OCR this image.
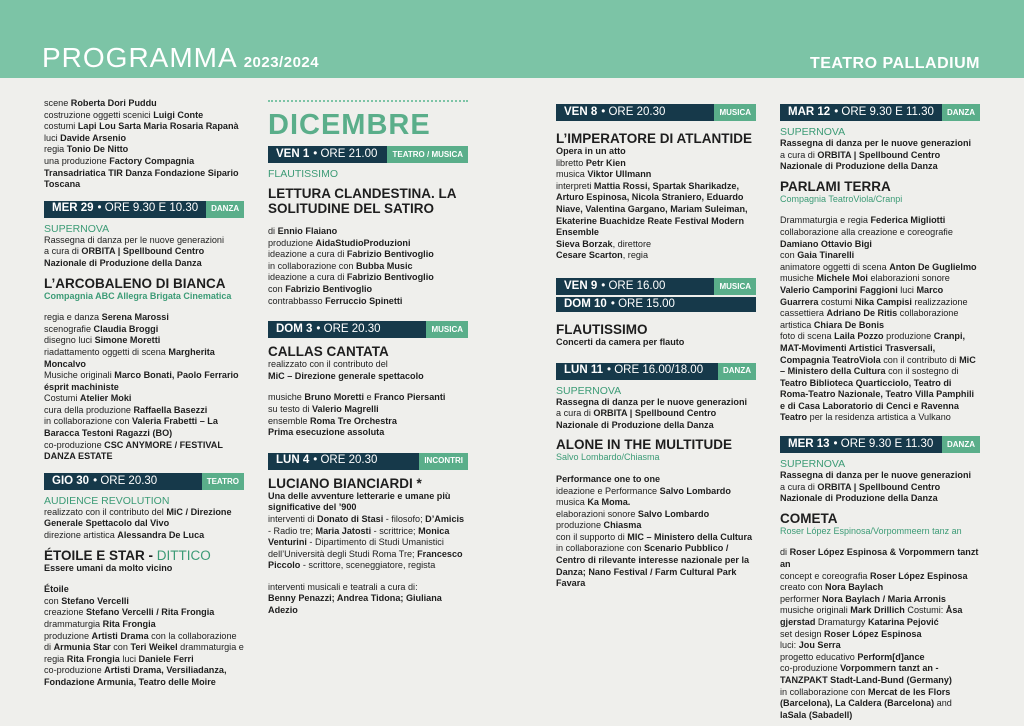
PROGRAMMA 2023/2024	TEATRO PALLADIUM
scene Roberta Dori Puddu
costruzione oggetti scenici Luigi Conte
costumi Lapi Lou Sarta Maria Rosaria Rapanà
luci Davide Arsenio
regia Tonio De Nitto
una produzione Factory Compagnia Transadriatica TIR Danza Fondazione Sipario Toscana
MER 29 • ORE 9.30 E 10.30	DANZA
SUPERNOVA
Rassegna di danza per le nuove generazioni
a cura di ORBITA | Spellbound Centro Nazionale di Produzione della Danza
L’ARCOBALENO DI BIANCA
Compagnia ABC Allegra Brigata Cinematica
regia e danza Serena Marossi
scenografie Claudia Broggi
disegno luci Simone Moretti
riadattamento oggetti di scena Margherita Moncalvo
Musiche originali Marco Bonati, Paolo Ferrario ésprit machiniste
Costumi Atelier Moki
cura della produzione Raffaella Basezzi
in collaborazione con Valeria Frabetti – La Baracca Testoni Ragazzi (BO)
co-produzione CSC ANYMORE / FESTIVAL DANZA ESTATE
GIO 30 • ORE 20.30	TEATRO
AUDIENCE REVOLUTION
realizzato con il contributo del MiC / Direzione Generale Spettacolo dal Vivo
direzione artistica Alessandra De Luca
ÉTOILE E STAR - DITTICO
Essere umani da molto vicino
Étoile
con Stefano Vercelli
creazione Stefano Vercelli / Rita Frongia
drammaturgia Rita Frongia
produzione Artisti Drama con la collaborazione di Armunia Star con Teri Weikel drammaturgia e regia Rita Frongia luci Daniele Ferri
co-produzione Artisti Drama, Versiliadanza, Fondazione Armunia, Teatro delle Moire
DICEMBRE
VEN 1 • ORE 21.00	TEATRO / MUSICA
FLAUTISSIMO
LETTURA CLANDESTINA. LA SOLITUDINE DEL SATIRO
di Ennio Flaiano
produzione AidaStudioProduzioni
ideazione a cura di Fabrizio Bentivoglio
in collaborazione con Bubba Music
ideazione a cura di Fabrizio Bentivoglio
con Fabrizio Bentivoglio
contrabbasso Ferruccio Spinetti
DOM 3 • ORE 20.30	MUSICA
CALLAS CANTATA
realizzato con il contributo del
MiC – Direzione generale spettacolo
musiche Bruno Moretti e Franco Piersanti
su testo di Valerio Magrelli
ensemble Roma Tre Orchestra
Prima esecuzione assoluta
LUN 4 • ORE 20.30	INCONTRI
LUCIANO BIANCIARDI *
Una delle avventure letterarie e umane più significative del ’900
interventi di Donato di Stasi - filosofo; D’Amicis - Radio tre; Maria Jatosti - scrittrice; Monica Venturini - Dipartimento di Studi Umanistici dell’Università degli Studi Roma Tre; Francesco Piccolo - scrittore, sceneggiatore, regista
interventi musicali e teatrali a cura di:
Benny Penazzi; Andrea Tidona; Giuliana Adezio
VEN 8 • ORE 20.30	MUSICA
L’IMPERATORE DI ATLANTIDE
Opera in un atto
libretto Petr Kien
musica Viktor Ullmann
interpreti Mattia Rossi, Spartak Sharikadze, Arturo Espinosa, Nicola Straniero, Eduardo Niave, Valentina Gargano, Mariam Suleiman, Ekaterine Buachidze Reate Festival Modern Ensemble
Sieva Borzak, direttore
Cesare Scarton, regia
VEN 9 • ORE 16.00	MUSICA
DOM 10 • ORE 15.00
FLAUTISSIMO
Concerti da camera per flauto
LUN 11 • ORE 16.00/18.00	DANZA
SUPERNOVA
Rassegna di danza per le nuove generazioni
a cura di ORBITA | Spellbound Centro Nazionale di Produzione della Danza
ALONE IN THE MULTITUDE
Salvo Lombardo/Chiasma
Performance one to one
ideazione e Performance Salvo Lombardo
musica Ka Moma.
elaborazioni sonore Salvo Lombardo
produzione Chiasma
con il supporto di MIC – Ministero della Cultura
in collaborazione con Scenario Pubblico / Centro di rilevante interesse nazionale per la Danza; Nano Festival / Farm Cultural Park Favara
MAR 12 • ORE 9.30 E 11.30	DANZA
SUPERNOVA
Rassegna di danza per le nuove generazioni
a cura di ORBITA | Spellbound Centro Nazionale di Produzione della Danza
PARLAMI TERRA
Compagnia TeatroViola/Cranpi
Drammaturgia e regia Federica Migliotti
collaborazione alla creazione e coreografie Damiano Ottavio Bigi
con Gaia Tinarelli
animatore oggetti di scena Anton De Guglielmo
musiche Michele Moi elaborazioni sonore Valerio Camporini Faggioni luci Marco Guarrera costumi Nika Campisi realizzazione cassettiera Adriano De Ritis collaborazione artistica Chiara De Bonis
foto di scena Laila Pozzo produzione Cranpi, MAT-Movimenti Artistici Trasversali, Compagnia TeatroViola con il contributo di MiC – Ministero della Cultura con il sostegno di Teatro Biblioteca Quarticciolo, Teatro di Roma-Teatro Nazionale, Teatro Villa Pamphili e di Casa Laboratorio di Cenci e Ravenna Teatro per la residenza artistica a Vulkano
MER 13 • ORE 9.30 E 11.30	DANZA
SUPERNOVA
Rassegna di danza per le nuove generazioni
a cura di ORBITA | Spellbound Centro Nazionale di Produzione della Danza
COMETA
Roser López Espinosa/Vorpommeern tanz an
di Roser López Espinosa & Vorpommern tanzt an
concept e coreografia Roser López Espinosa
creato con Nora Baylach
performer Nora Baylach / Maria Arronis
musiche originali Mark Drillich Costumi: Åsa gjerstad Dramaturgy Katarina Pejović
set design Roser López Espinosa
luci: Jou Serra
progetto educativo Perform[d]ance
co-produzione Vorpommern tanzt an - TANZPAKT Stadt-Land-Bund (Germany)
in collaborazione con Mercat de les Flors (Barcelona), La Caldera (Barcelona) and laSala (Sabadell)
